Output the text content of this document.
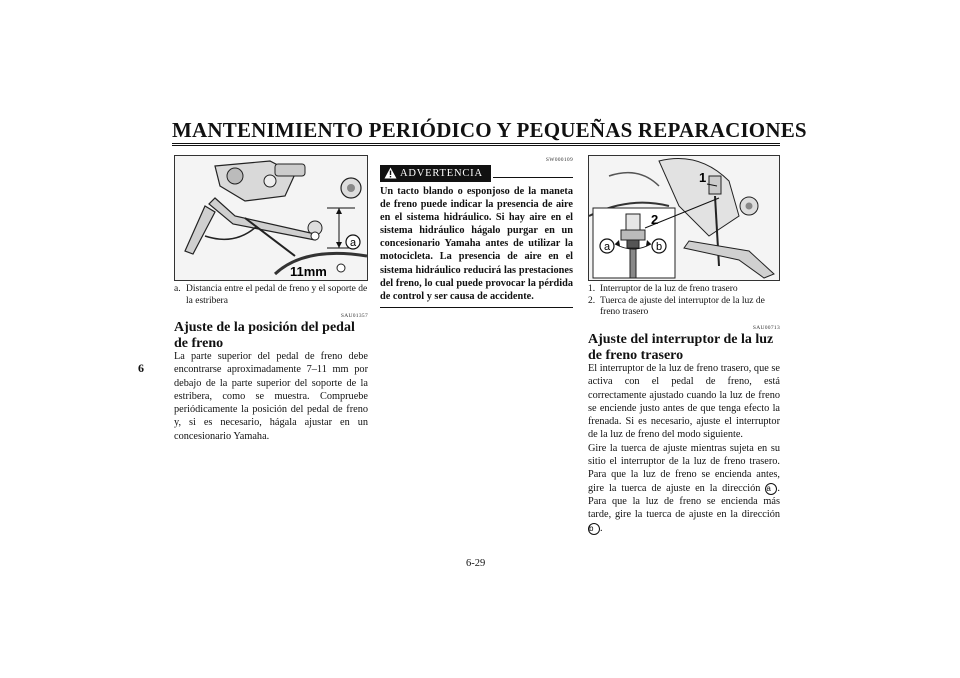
MANTENIMIENTO PERIÓDICO Y PEQUEÑAS REPARACIONES
6
a
11mm
a. Distancia entre el pedal de freno y el soporte de la estribera
SAU01357
Ajuste de la posición del pedal de freno
La parte superior del pedal de freno debe encontrarse aproximadamente 7–11 mm por debajo de la parte superior del soporte de la estribera, como se muestra. Compruebe periódicamente la posición del pedal de freno y, si es necesario, hágala ajustar en un concesionario Yamaha.
SW000109
ADVERTENCIA
Un tacto blando o esponjoso de la maneta de freno puede indicar la presencia de aire en el sistema hidráulico. Si hay aire en el sistema hidráulico hágalo purgar en un concesionario Yamaha antes de utilizar la motocicleta. La presencia de aire en el sistema hidráulico reducirá las prestaciones del freno, lo cual puede provocar la pérdida de control y ser causa de accidente.
1
2
a	b
1. Interruptor de la luz de freno trasero
2. Tuerca de ajuste del interruptor de la luz de freno trasero
SAU00713
Ajuste del interruptor de la luz de freno trasero
El interruptor de la luz de freno trasero, que se activa con el pedal de freno, está correctamente ajustado cuando la luz de freno se enciende justo antes de que tenga efecto la frenada. Si es necesario, ajuste el interruptor de la luz de freno del modo siguiente.
Gire la tuerca de ajuste mientras sujeta en su sitio el interruptor de la luz de freno trasero. Para que la luz de freno se encienda antes, gire la tuerca de ajuste en la dirección a . Para que la luz de freno se encienda más tarde, gire la tuerca de ajuste en la dirección b .
6-29
